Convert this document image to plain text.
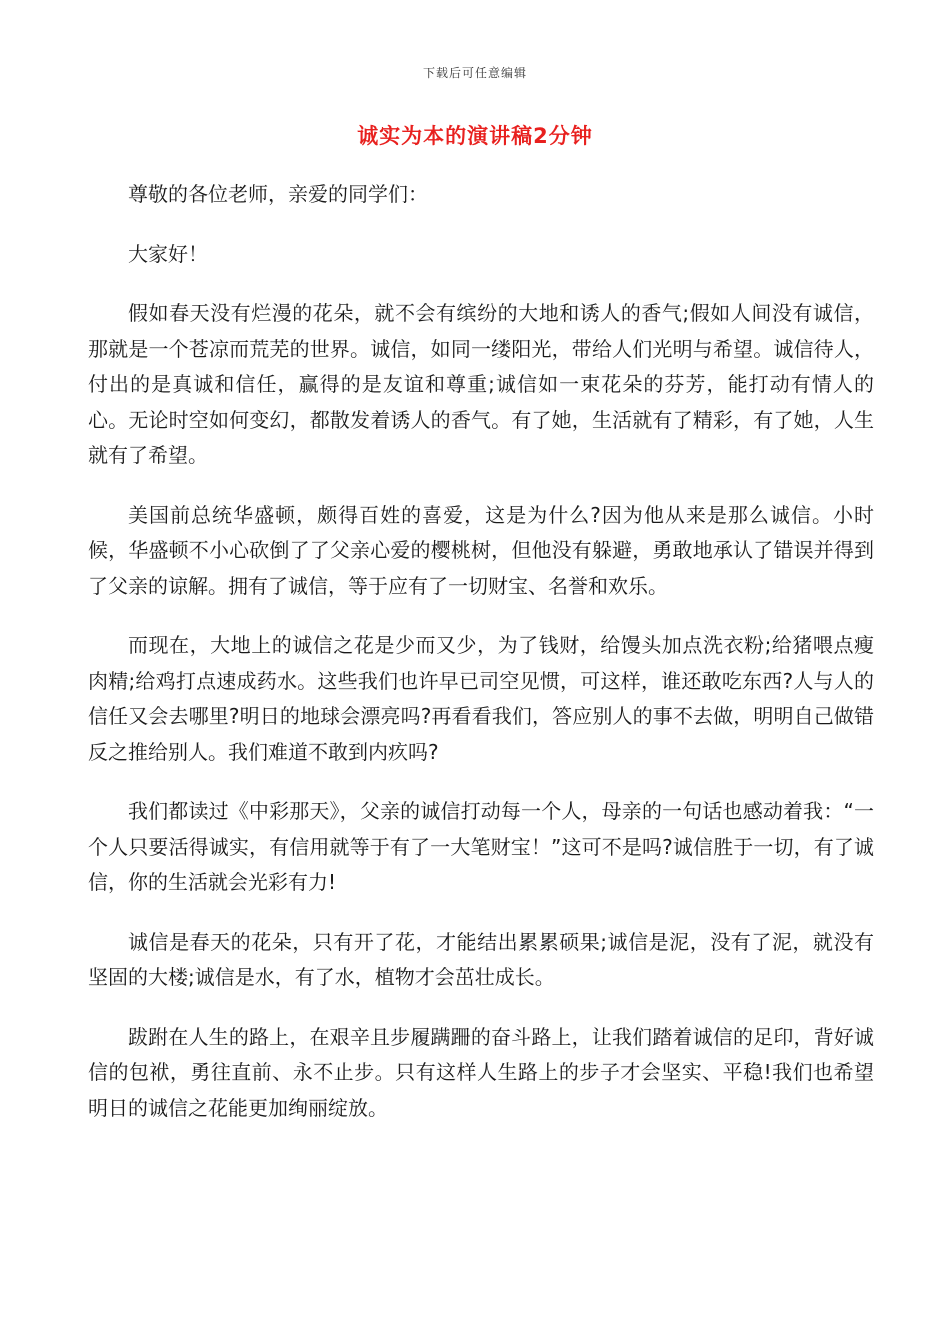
下载后可任意编辑
诚实为本的演讲稿2分钟

尊敬的各位老师，亲爱的同学们：

大家好！

假如春天没有烂漫的花朵，就不会有缤纷的大地和诱人的香气;假如人间没有诚信，那就是一个苍凉而荒芜的世界。诚信，如同一缕阳光，带给人们光明与希望。诚信待人，付出的是真诚和信任，赢得的是友谊和尊重;诚信如一束花朵的芬芳，能打动有情人的心。无论时空如何变幻，都散发着诱人的香气。有了她，生活就有了精彩，有了她，人生就有了希望。

美国前总统华盛顿，颇得百姓的喜爱，这是为什么?因为他从来是那么诚信。小时候，华盛顿不小心砍倒了了父亲心爱的樱桃树，但他没有躲避，勇敢地承认了错误并得到了父亲的谅解。拥有了诚信，等于应有了一切财宝、名誉和欢乐。

而现在，大地上的诚信之花是少而又少，为了钱财，给馒头加点洗衣粉;给猪喂点瘦肉精;给鸡打点速成药水。这些我们也许早已司空见惯，可这样，谁还敢吃东西?人与人的信任又会去哪里?明日的地球会漂亮吗?再看看我们，答应别人的事不去做，明明自己做错反之推给别人。我们难道不敢到内疚吗?

我们都读过《中彩那天》，父亲的诚信打动每一个人，母亲的一句话也感动着我：“一个人只要活得诚实，有信用就等于有了一大笔财宝！”这可不是吗?诚信胜于一切，有了诚信，你的生活就会光彩有力!

诚信是春天的花朵，只有开了花，才能结出累累硕果;诚信是泥，没有了泥，就没有坚固的大楼;诚信是水，有了水，植物才会茁壮成长。

跋跗在人生的路上，在艰辛且步履蹒跚的奋斗路上，让我们踏着诚信的足印，背好诚信的包袱，勇往直前、永不止步。只有这样人生路上的步子才会坚实、平稳!我们也希望明日的诚信之花能更加绚丽绽放。
